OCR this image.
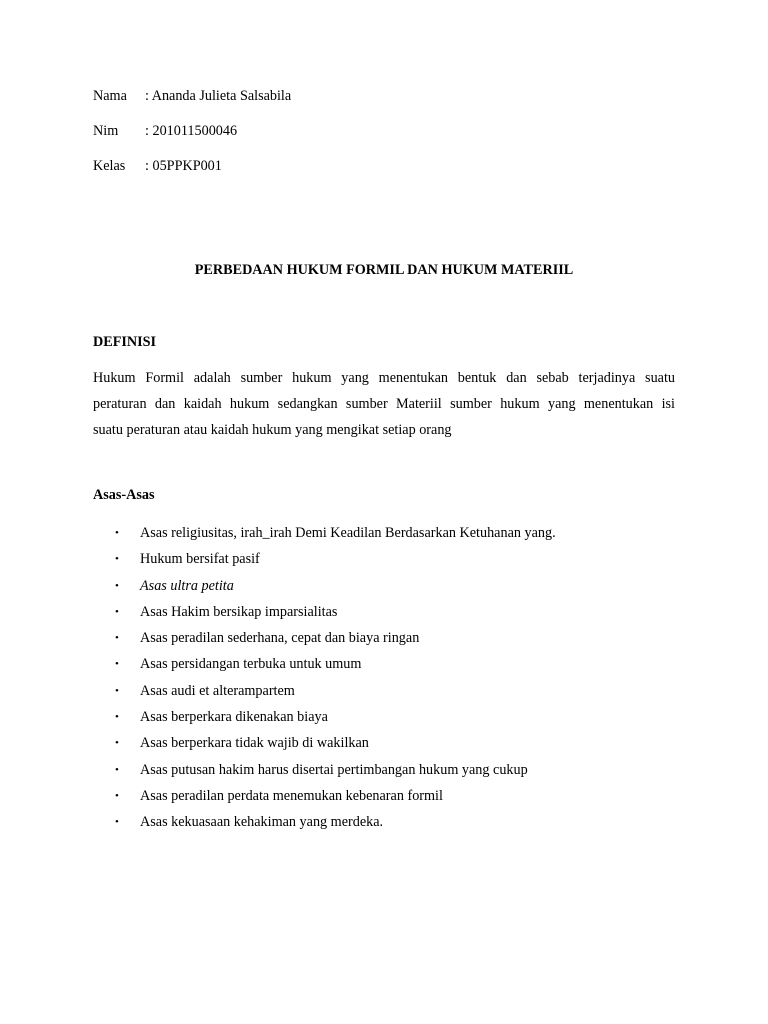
Nama : Ananda Julieta Salsabila
Nim : 201011500046
Kelas : 05PPKP001
PERBEDAAN HUKUM FORMIL DAN HUKUM MATERIIL
DEFINISI

Hukum Formil adalah sumber hukum yang menentukan bentuk dan sebab terjadinya suatu
peraturan dan kaidah hukum sedangkan sumber Materiil sumber hukum yang menentukan isi
suatu peraturan atau kaidah hukum yang mengikat setiap orang

Asas-Asas
• Asas religiusitas, irah_irah Demi Keadilan Berdasarkan Ketuhanan yang.
• Hukum bersifat pasif
• Asas ultra petita
• Asas Hakim bersikap imparsialitas
• Asas peradilan sederhana, cepat dan biaya ringan
• Asas persidangan terbuka untuk umum
• Asas audi et alterampartem
• Asas berperkara dikenakan biaya
• Asas berperkara tidak wajib di wakilkan
• Asas putusan hakim harus disertai pertimbangan hukum yang cukup
• Asas peradilan perdata menemukan kebenaran formil
• Asas kekuasaan kehakiman yang merdeka.
